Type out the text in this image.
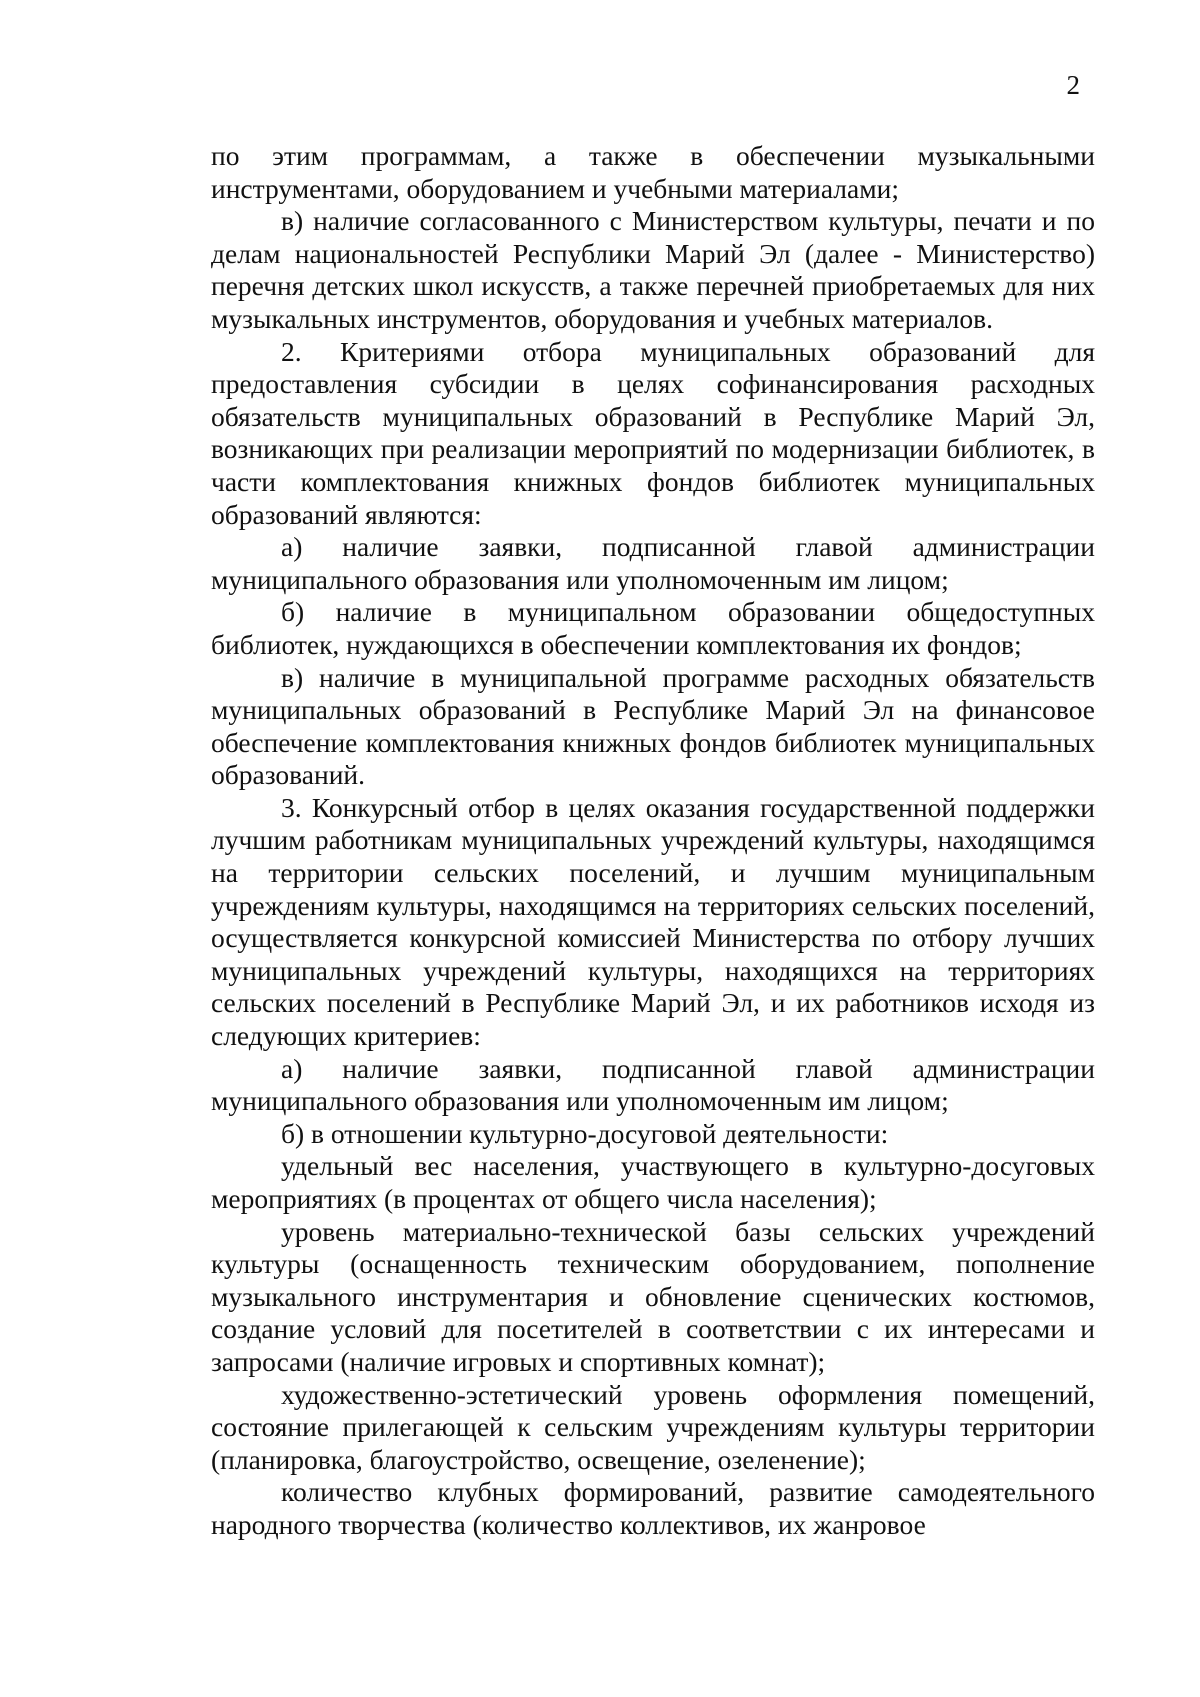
2

по этим программам, а также в обеспечении музыкальными инструментами, оборудованием и учебными материалами;

в) наличие согласованного с Министерством культуры, печати и по делам национальностей Республики Марий Эл (далее - Министерство) перечня детских школ искусств, а также перечней приобретаемых для них музыкальных инструментов, оборудования и учебных материалов.

2. Критериями отбора муниципальных образований для предоставления субсидии в целях софинансирования расходных обязательств муниципальных образований в Республике Марий Эл, возникающих при реализации мероприятий по модернизации библиотек, в части комплектования книжных фондов библиотек муниципальных образований являются:

а) наличие заявки, подписанной главой администрации муниципального образования или уполномоченным им лицом;

б) наличие в муниципальном образовании общедоступных библиотек, нуждающихся в обеспечении комплектования их фондов;

в) наличие в муниципальной программе расходных обязательств муниципальных образований в Республике Марий Эл на финансовое обеспечение комплектования книжных фондов библиотек муниципальных образований.

3. Конкурсный отбор в целях оказания государственной поддержки лучшим работникам муниципальных учреждений культуры, находящимся на территории сельских поселений, и лучшим муниципальным учреждениям культуры, находящимся на территориях сельских поселений, осуществляется конкурсной комиссией Министерства по отбору лучших муниципальных учреждений культуры, находящихся на территориях сельских поселений в Республике Марий Эл, и их работников исходя из следующих критериев:

а) наличие заявки, подписанной главой администрации муниципального образования или уполномоченным им лицом;

б) в отношении культурно-досуговой деятельности:

удельный вес населения, участвующего в культурно-досуговых мероприятиях (в процентах от общего числа населения);

уровень материально-технической базы сельских учреждений культуры (оснащенность техническим оборудованием, пополнение музыкального инструментария и обновление сценических костюмов, создание условий для посетителей в соответствии с их интересами и запросами (наличие игровых и спортивных комнат);

художественно-эстетический уровень оформления помещений, состояние прилегающей к сельским учреждениям культуры территории (планировка, благоустройство, освещение, озеленение);

количество клубных формирований, развитие самодеятельного народного творчества (количество коллективов, их жанровое
